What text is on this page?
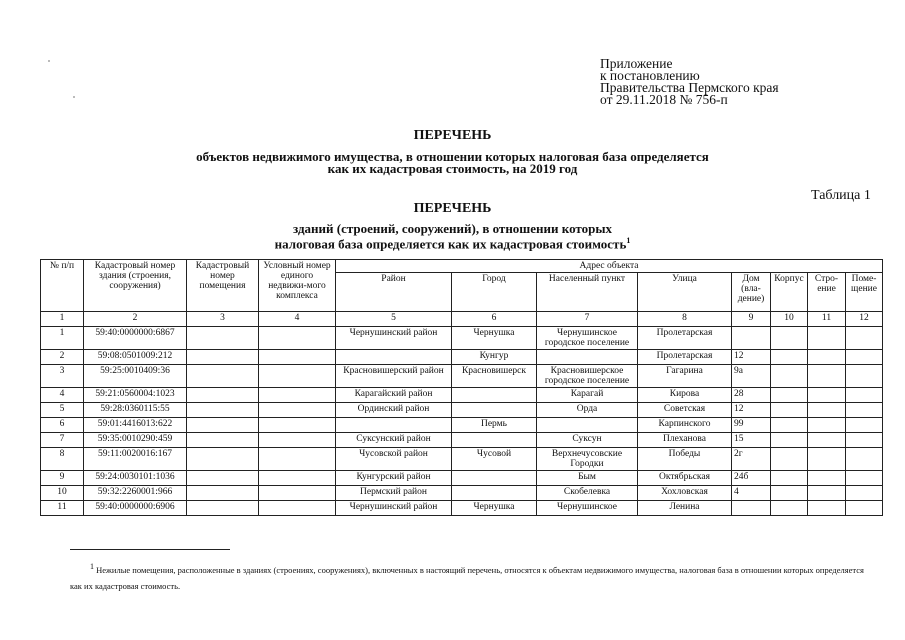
Приложение
к постановлению
Правительства Пермского края
от 29.11.2018 № 756-п
ПЕРЕЧЕНЬ
объектов недвижимого имущества, в отношении которых налоговая база определяется
как их кадастровая стоимость, на 2019 год
Таблица 1
ПЕРЕЧЕНЬ
зданий (строений, сооружений), в отношении которых
налоговая база определяется как их кадастровая стоимость$^1$
№ п/п	Кадастровый номер здания (строения, сооружения)	Кадастровый номер помещения	Условный номер единого недвижи-мого комплекса	Адрес объекта							
				Район	Город	Населенный пункт	Улица	Дом (вла-дение)	Корпус	Стро-ение	Поме-щение
1	2	3	4	5	6	7	8	9	10	11	12
1	59:40:0000000:6867			Чернушинский район	Чернушка	Чернушинское городское поселение	Пролетарская				
2	59:08:0501009:212				Кунгур		Пролетарская	12			
3	59:25:0010409:36			Красновишерский район	Красновишерск	Красновишерское городское поселение	Гагарина	9а			
4	59:21:0560004:1023			Карагайский район		Карагай	Кирова	28			
5	59:28:0360115:55			Ординский район		Орда	Советская	12			
6	59:01:4416013:622				Пермь		Карпинского	99			
7	59:35:0010290:459			Суксунский район		Суксун	Плеханова	15			
8	59:11:0020016:167			Чусовской район	Чусовой	Верхнечусовские Городки	Победы	2г			
9	59:24:0030101:1036			Кунгурский район		Бым	Октябрьская	24б			
10	59:32:2260001:966			Пермский район		Скобелевка	Хохловская	4			
11	59:40:0000000:6906			Чернушинский район	Чернушка	Чернушинское	Ленина				

$^1$ Нежилые помещения, расположенные в зданиях (строениях, сооружениях), включенных в настоящий перечень, относятся к объектам недвижимого имущества, налоговая база в отношении которых определяется как их кадастровая стоимость.
